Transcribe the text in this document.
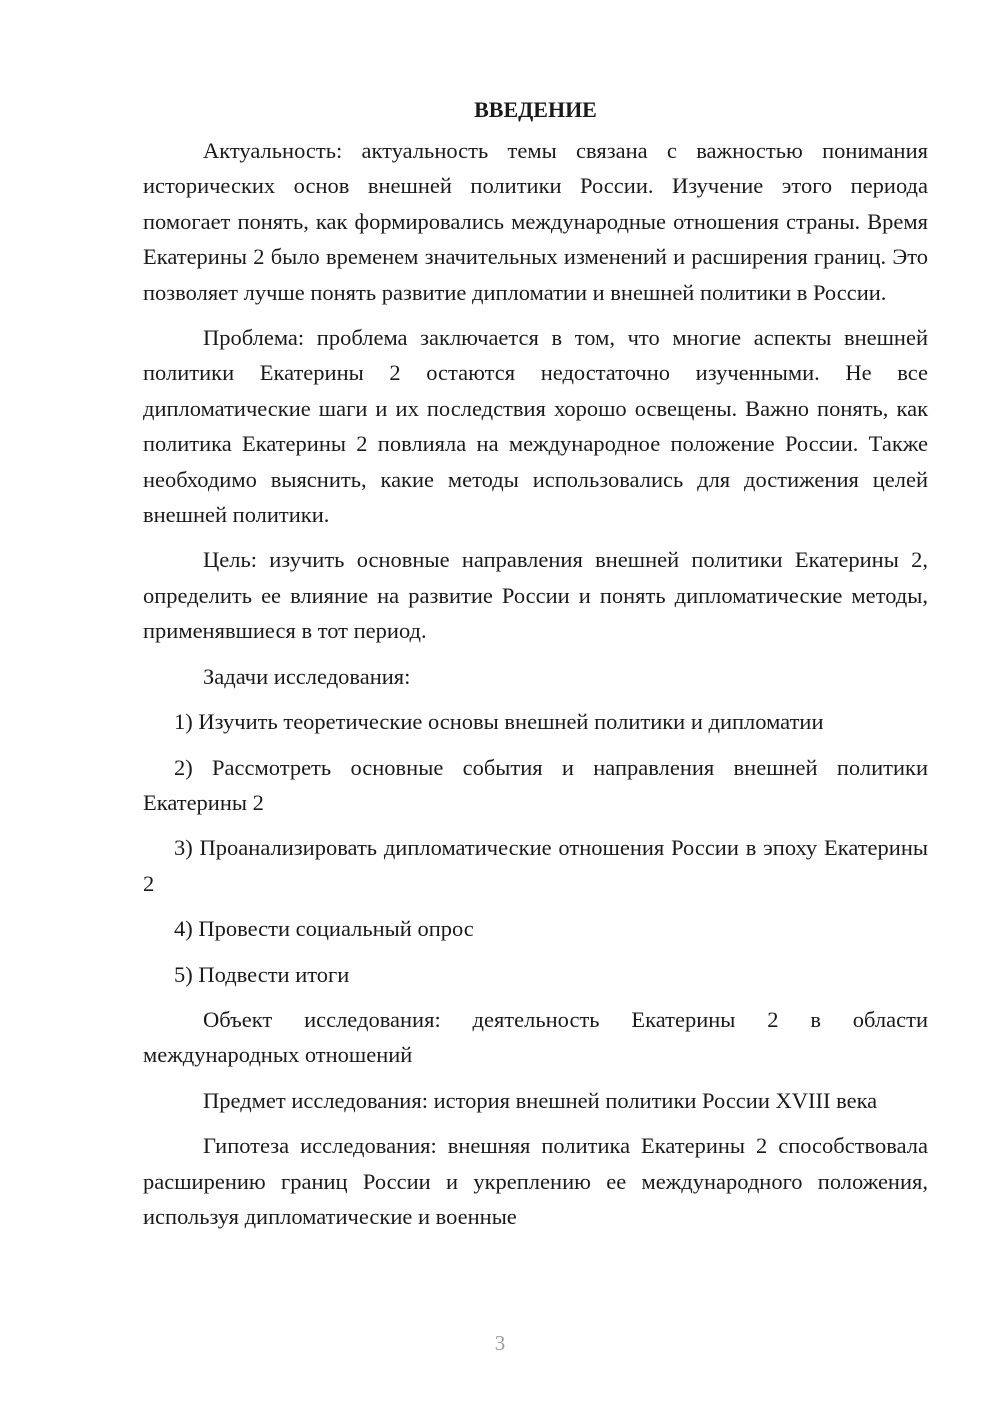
ВВЕДЕНИЕ

Актуальность: актуальность темы связана с важностью понимания исторических основ внешней политики России. Изучение этого периода помогает понять, как формировались международные отношения страны. Время Екатерины 2 было временем значительных изменений и расширения границ. Это позволяет лучше понять развитие дипломатии и внешней политики в России.

Проблема: проблема заключается в том, что многие аспекты внешней политики Екатерины 2 остаются недостаточно изученными. Не все дипломатические шаги и их последствия хорошо освещены. Важно понять, как политика Екатерины 2 повлияла на международное положение России. Также необходимо выяснить, какие методы использовались для достижения целей внешней политики.

Цель: изучить основные направления внешней политики Екатерины 2, определить ее влияние на развитие России и понять дипломатические методы, применявшиеся в тот период.

Задачи исследования:

1) Изучить теоретические основы внешней политики и дипломатии

2) Рассмотреть основные события и направления внешней политики Екатерины 2

3) Проанализировать дипломатические отношения России в эпоху Екатерины 2

4) Провести социальный опрос

5) Подвести итоги

Объект исследования: деятельность Екатерины 2 в области международных отношений

Предмет исследования: история внешней политики России XVIII века

Гипотеза исследования: внешняя политика Екатерины 2 способствовала расширению границ России и укреплению ее международного положения, используя дипломатические и военные

3
